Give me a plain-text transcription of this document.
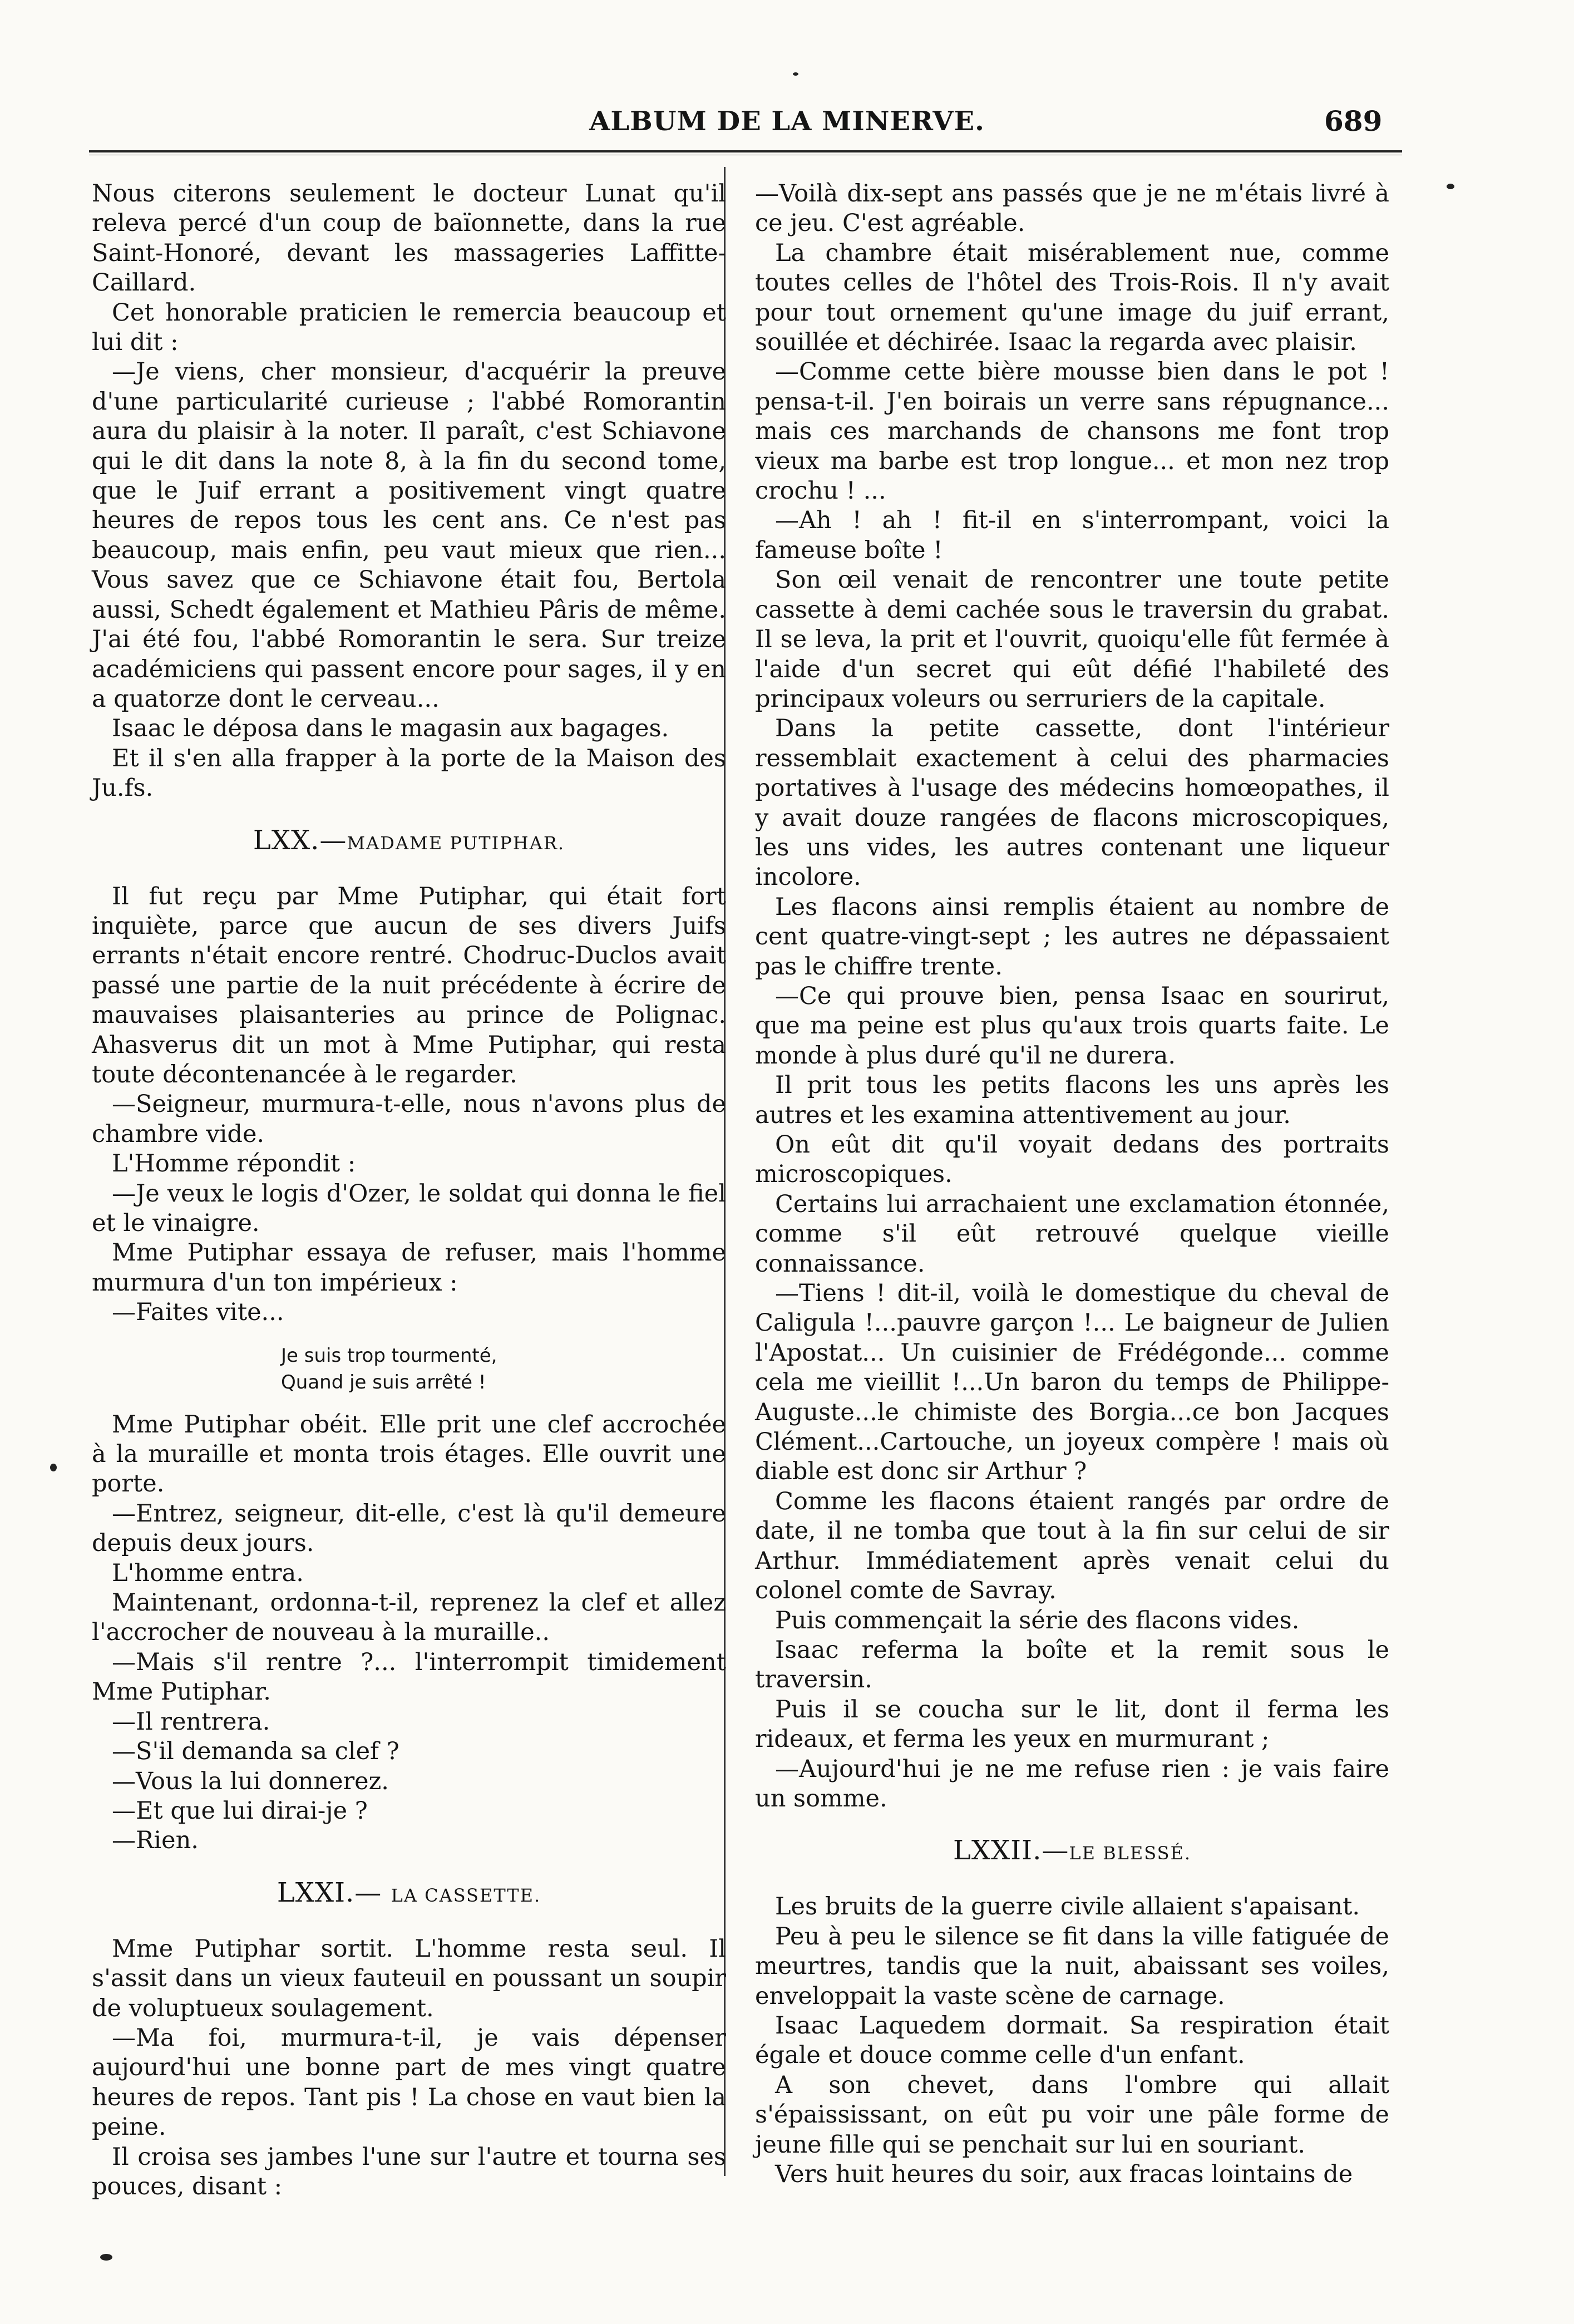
ALBUM DE LA MINERVE.	689

Nous citerons seulement le docteur Lunat qu'il releva percé d'un coup de baïonnette, dans la rue Saint-Honoré, devant les massageries Laffitte-Caillard.

Cet honorable praticien le remercia beaucoup et lui dit :

—Je viens, cher monsieur, d'acquérir la preuve d'une particularité curieuse ; l'abbé Romorantin aura du plaisir à la noter. Il paraît, c'est Schiavone qui le dit dans la note 8, à la fin du second tome, que le Juif errant a positivement vingt quatre heures de repos tous les cent ans. Ce n'est pas beaucoup, mais enfin, peu vaut mieux que rien... Vous savez que ce Schiavone était fou, Bertola aussi, Schedt également et Mathieu Pâris de même. J'ai été fou, l'abbé Romorantin le sera. Sur treize académiciens qui passent encore pour sages, il y en a quatorze dont le cerveau...

Isaac le déposa dans le magasin aux bagages.

Et il s'en alla frapper à la porte de la Maison des Ju.fs.

LXX.—MADAME PUTIPHAR.

Il fut reçu par Mme Putiphar, qui était fort inquiète, parce que aucun de ses divers Juifs errants n'était encore rentré. Chodruc-Duclos avait passé une partie de la nuit précédente à écrire de mauvaises plaisanteries au prince de Polignac. Ahasverus dit un mot à Mme Putiphar, qui resta toute décontenancée à le regarder.

—Seigneur, murmura-t-elle, nous n'avons plus de chambre vide.

L'Homme répondit :

—Je veux le logis d'Ozer, le soldat qui donna le fiel et le vinaigre.

Mme Putiphar essaya de refuser, mais l'homme murmura d'un ton impérieux :

—Faites vite...

Je suis trop tourmenté,
Quand je suis arrêté !

Mme Putiphar obéit. Elle prit une clef accrochée à la muraille et monta trois étages. Elle ouvrit une porte.

—Entrez, seigneur, dit-elle, c'est là qu'il demeure depuis deux jours.

L'homme entra.

Maintenant, ordonna-t-il, reprenez la clef et allez l'accrocher de nouveau à la muraille..

—Mais s'il rentre ?... l'interrompit timidement Mme Putiphar.

—Il rentrera.

—S'il demanda sa clef ?

—Vous la lui donnerez.

—Et que lui dirai-je ?

—Rien.

LXXI.— LA CASSETTE.

Mme Putiphar sortit. L'homme resta seul. Il s'assit dans un vieux fauteuil en poussant un soupir de voluptueux soulagement.

—Ma foi, murmura-t-il, je vais dépenser aujourd'hui une bonne part de mes vingt quatre heures de repos. Tant pis ! La chose en vaut bien la peine.

Il croisa ses jambes l'une sur l'autre et tourna ses pouces, disant :

—Voilà dix-sept ans passés que je ne m'étais livré à ce jeu. C'est agréable.

La chambre était misérablement nue, comme toutes celles de l'hôtel des Trois-Rois. Il n'y avait pour tout ornement qu'une image du juif errant, souillée et déchirée. Isaac la regarda avec plaisir.

—Comme cette bière mousse bien dans le pot ! pensa-t-il. J'en boirais un verre sans répugnance... mais ces marchands de chansons me font trop vieux ma barbe est trop longue... et mon nez trop crochu ! ...

—Ah ! ah ! fit-il en s'interrompant, voici la fameuse boîte !

Son œil venait de rencontrer une toute petite cassette à demi cachée sous le traversin du grabat. Il se leva, la prit et l'ouvrit, quoiqu'elle fût fermée à l'aide d'un secret qui eût défié l'habileté des principaux voleurs ou serruriers de la capitale.

Dans la petite cassette, dont l'intérieur ressemblait exactement à celui des pharmacies portatives à l'usage des médecins homœopathes, il y avait douze rangées de flacons microscopiques, les uns vides, les autres contenant une liqueur incolore.

Les flacons ainsi remplis étaient au nombre de cent quatre-vingt-sept ; les autres ne dépassaient pas le chiffre trente.

—Ce qui prouve bien, pensa Isaac en sourirut, que ma peine est plus qu'aux trois quarts faite. Le monde à plus duré qu'il ne durera.

Il prit tous les petits flacons les uns après les autres et les examina attentivement au jour.

On eût dit qu'il voyait dedans des portraits microscopiques.

Certains lui arrachaient une exclamation étonnée, comme s'il eût retrouvé quelque vieille connaissance.

—Tiens ! dit-il, voilà le domestique du cheval de Caligula !...pauvre garçon !... Le baigneur de Julien l'Apostat... Un cuisinier de Frédégonde... comme cela me vieillit !...Un baron du temps de Philippe-Auguste...le chimiste des Borgia...ce bon Jacques Clément...Cartouche, un joyeux compère ! mais où diable est donc sir Arthur ?

Comme les flacons étaient rangés par ordre de date, il ne tomba que tout à la fin sur celui de sir Arthur. Immédiatement après venait celui du colonel comte de Savray.

Puis commençait la série des flacons vides.

Isaac referma la boîte et la remit sous le traversin.

Puis il se coucha sur le lit, dont il ferma les rideaux, et ferma les yeux en murmurant ;

—Aujourd'hui je ne me refuse rien : je vais faire un somme.

LXXII.—LE BLESSÉ.

Les bruits de la guerre civile allaient s'apaisant.

Peu à peu le silence se fit dans la ville fatiguée de meurtres, tandis que la nuit, abaissant ses voiles, enveloppait la vaste scène de carnage.

Isaac Laquedem dormait. Sa respiration était égale et douce comme celle d'un enfant.

A son chevet, dans l'ombre qui allait s'épaississant, on eût pu voir une pâle forme de jeune fille qui se penchait sur lui en souriant.

Vers huit heures du soir, aux fracas lointains de
